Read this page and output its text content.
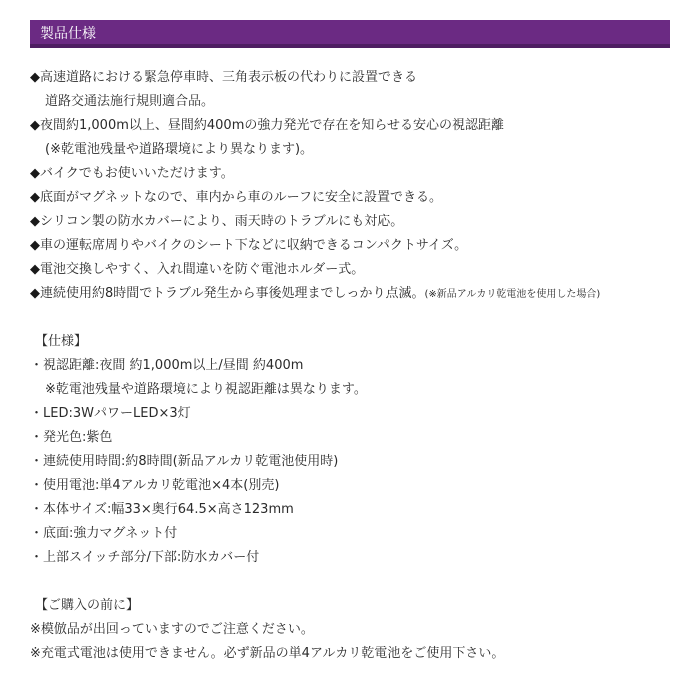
製品仕様
◆高速道路における緊急停車時、三角表示板の代わりに設置できる
道路交通法施行規則適合品。
◆夜間約1,000m以上、昼間約400mの強力発光で存在を知らせる安心の視認距離
(※乾電池残量や道路環境により異なります)。
◆バイクでもお使いいただけます。
◆底面がマグネットなので、車内から車のルーフに安全に設置できる。
◆シリコン製の防水カバーにより、雨天時のトラブルにも対応。
◆車の運転席周りやバイクのシート下などに収納できるコンパクトサイズ。
◆電池交換しやすく、入れ間違いを防ぐ電池ホルダー式。
◆連続使用約8時間でトラブル発生から事後処理までしっかり点滅。(※新品アルカリ乾電池を使用した場合)
【仕様】
・視認距離:夜間 約1,000m以上/昼間 約400m
※乾電池残量や道路環境により視認距離は異なります。
・LED:3WパワーLED×3灯
・発光色:紫色
・連続使用時間:約8時間(新品アルカリ乾電池使用時)
・使用電池:単4アルカリ乾電池×4本(別売)
・本体サイズ:幅33×奥行64.5×高さ123mm
・底面:強力マグネット付
・上部スイッチ部分/下部:防水カバー付
【ご購入の前に】
※模倣品が出回っていますのでご注意ください。
※充電式電池は使用できません。必ず新品の単4アルカリ乾電池をご使用下さい。
